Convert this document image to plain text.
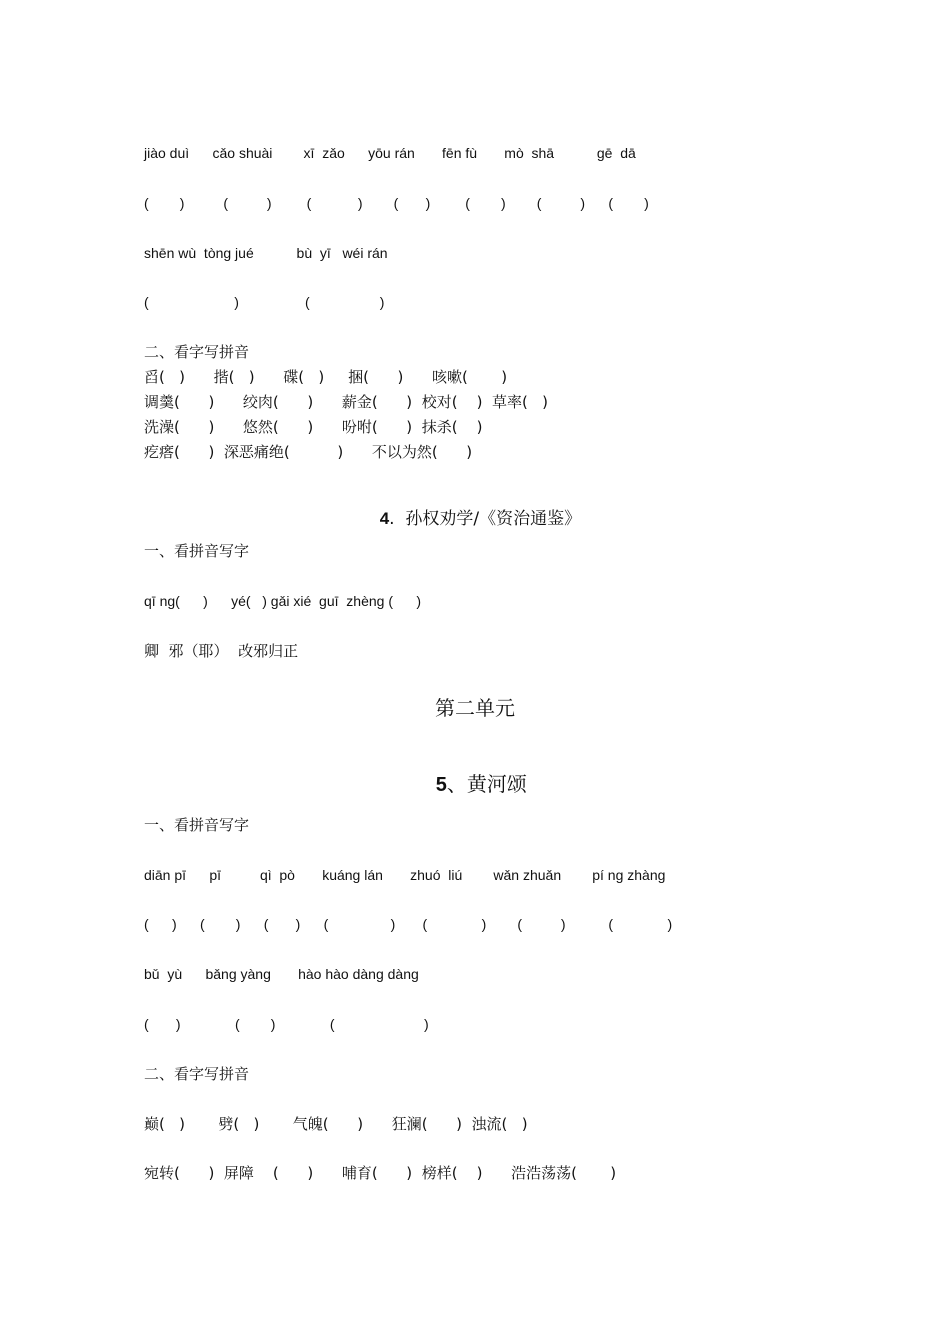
jiào duì      cǎo shuài        xī  zǎo      yōu rán       fēn fù       mò  shā           gē  dā
(        )          (          )         (            )        (       )         (        )        (          )      (        )
shēn wù  tòng jué           bù  yī   wéi rán
(                      )                 (                  )
二、看字写拼音
舀(   )      揩(   )      碟(   )     捆(      )      咳嗽(       )
调羹(      )      绞肉(      )      薪金(      )  校对(    )  草率(   )
洗澡(      )      悠然(      )      吩咐(      )  抹杀(    )
疙瘩(      )  深恶痛绝(          )      不以为然(      )

4.  孙权劝学/《资治通鉴》

一、看拼音写字
qī ng(      )      yé(   ) gǎi xié  guī  zhèng (      )
卿  邪（耶）  改邪归正
第二单元

5、黄河颂

一、看拼音写字
diān pī      pī          qì  pò       kuáng lán       zhuó  liú        wǎn zhuǎn        pí ng zhàng
(      )      (        )      (       )      (                )       (              )        (          )           (              )
bǔ  yù      bǎng yàng       hào hào dàng dàng
(       )              (        )              (                       )
二、看字写拼音
巅(   )       劈(   )       气魄(      )      狂澜(      )  浊流(   )
宛转(      )  屏障    (      )      哺育(      )  榜样(    )      浩浩荡荡(       )
